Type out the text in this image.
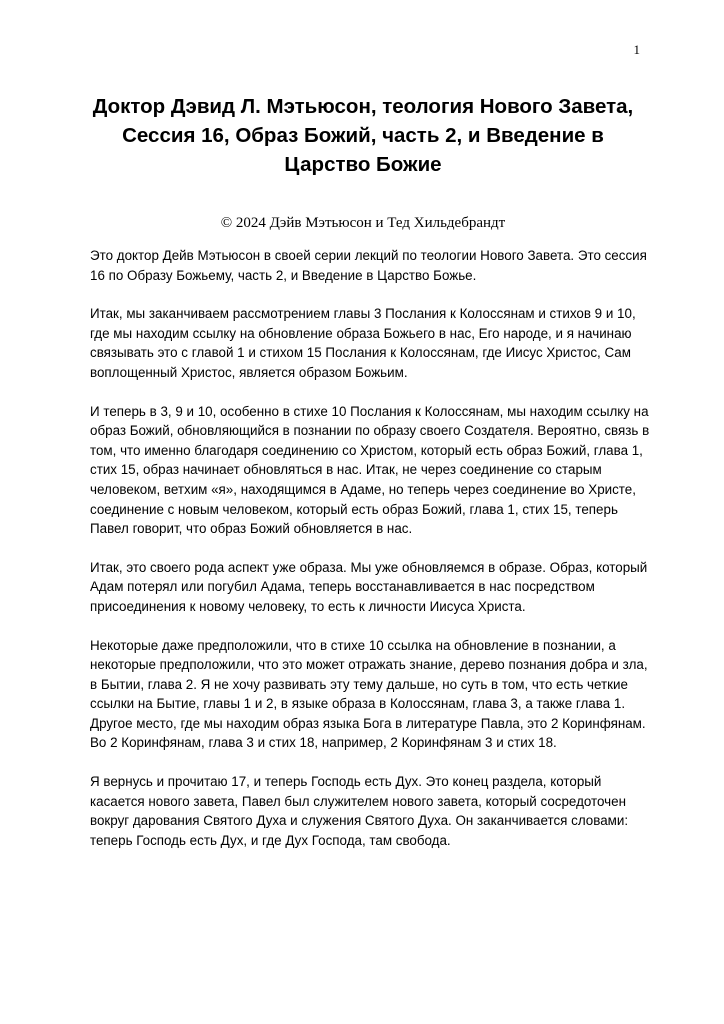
1
Доктор Дэвид Л. Мэтьюсон, теология Нового Завета,
Сессия 16, Образ Божий, часть 2, и Введение в Царство Божие
© 2024 Дэйв Мэтьюсон и Тед Хильдебрандт

Это доктор Дейв Мэтьюсон в своей серии лекций по теологии Нового Завета. Это сессия 16 по Образу Божьему, часть 2, и Введение в Царство Божье.

Итак, мы заканчиваем рассмотрением главы 3 Послания к Колоссянам и стихов 9 и 10, где мы находим ссылку на обновление образа Божьего в нас, Его народе, и я начинаю связывать это с главой 1 и стихом 15 Послания к Колоссянам, где Иисус Христос, Сам воплощенный Христос, является образом Божьим.

И теперь в 3, 9 и 10, особенно в стихе 10 Послания к Колоссянам, мы находим ссылку на образ Божий, обновляющийся в познании по образу своего Создателя. Вероятно, связь в том, что именно благодаря соединению со Христом, который есть образ Божий, глава 1, стих 15, образ начинает обновляться в нас. Итак, не через соединение со старым человеком, ветхим «я», находящимся в Адаме, но теперь через соединение во Христе, соединение с новым человеком, который есть образ Божий, глава 1, стих 15, теперь Павел говорит, что образ Божий обновляется в нас.

Итак, это своего рода аспект уже образа. Мы уже обновляемся в образе. Образ, который Адам потерял или погубил Адама, теперь восстанавливается в нас посредством присоединения к новому человеку, то есть к личности Иисуса Христа.

Некоторые даже предположили, что в стихе 10 ссылка на обновление в познании, а некоторые предположили, что это может отражать знание, дерево познания добра и зла, в Бытии, глава 2. Я не хочу развивать эту тему дальше, но суть в том, что есть четкие ссылки на Бытие, главы 1 и 2, в языке образа в Колоссянам, глава 3, а также глава 1. Другое место, где мы находим образ языка Бога в литературе Павла, это 2 Коринфянам. Во 2 Коринфянам, глава 3 и стих 18, например, 2 Коринфянам 3 и стих 18.

Я вернусь и прочитаю 17, и теперь Господь есть Дух. Это конец раздела, который касается нового завета, Павел был служителем нового завета, который сосредоточен вокруг дарования Святого Духа и служения Святого Духа. Он заканчивается словами: теперь Господь есть Дух, и где Дух Господа, там свобода.
